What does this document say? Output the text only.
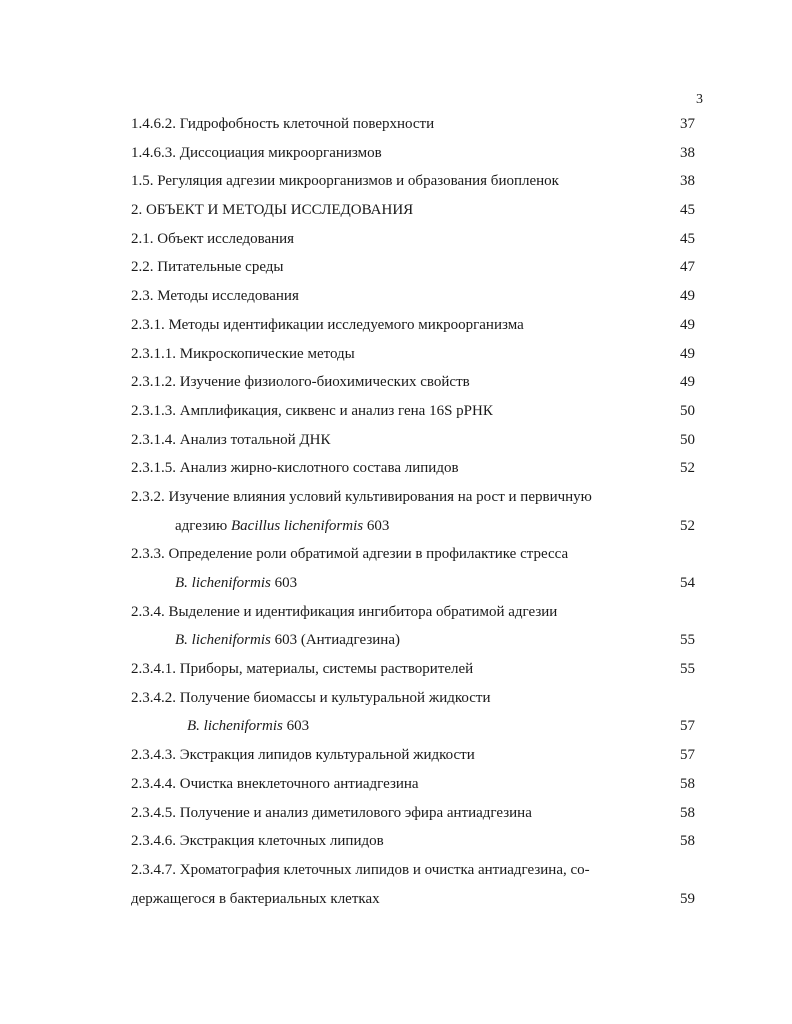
3
1.4.6.2. Гидрофобность клеточной поверхности	37
1.4.6.3. Диссоциация микроорганизмов	38
1.5. Регуляция адгезии микроорганизмов и образования биопленок	38
2. ОБЪЕКТ И МЕТОДЫ ИССЛЕДОВАНИЯ	45
2.1. Объект исследования	45
2.2. Питательные среды	47
2.3. Методы исследования	49
2.3.1. Методы идентификации исследуемого микроорганизма	49
2.3.1.1. Микроскопические методы	49
2.3.1.2. Изучение физиолого-биохимических свойств	49
2.3.1.3. Амплификация, сиквенс и анализ гена 16S рРНК	50
2.3.1.4. Анализ тотальной ДНК	50
2.3.1.5. Анализ жирно-кислотного состава липидов	52
2.3.2. Изучение влияния условий культивирования на рост и первичную
адгезию Bacillus licheniformis 603	52
2.3.3. Определение роли обратимой адгезии в профилактике стресса
B. licheniformis 603	54
2.3.4. Выделение и идентификация ингибитора обратимой адгезии
B. licheniformis 603 (Антиадгезина)	55
2.3.4.1. Приборы, материалы, системы растворителей	55
2.3.4.2. Получение биомассы и культуральной жидкости
B. licheniformis 603	57
2.3.4.3. Экстракция липидов культуральной жидкости	57
2.3.4.4. Очистка внеклеточного антиадгезина	58
2.3.4.5. Получение и анализ диметилового эфира антиадгезина	58
2.3.4.6. Экстракция клеточных липидов	58
2.3.4.7. Хроматография клеточных липидов и очистка антиадгезина, со-
держащегося в бактериальных клетках	59
